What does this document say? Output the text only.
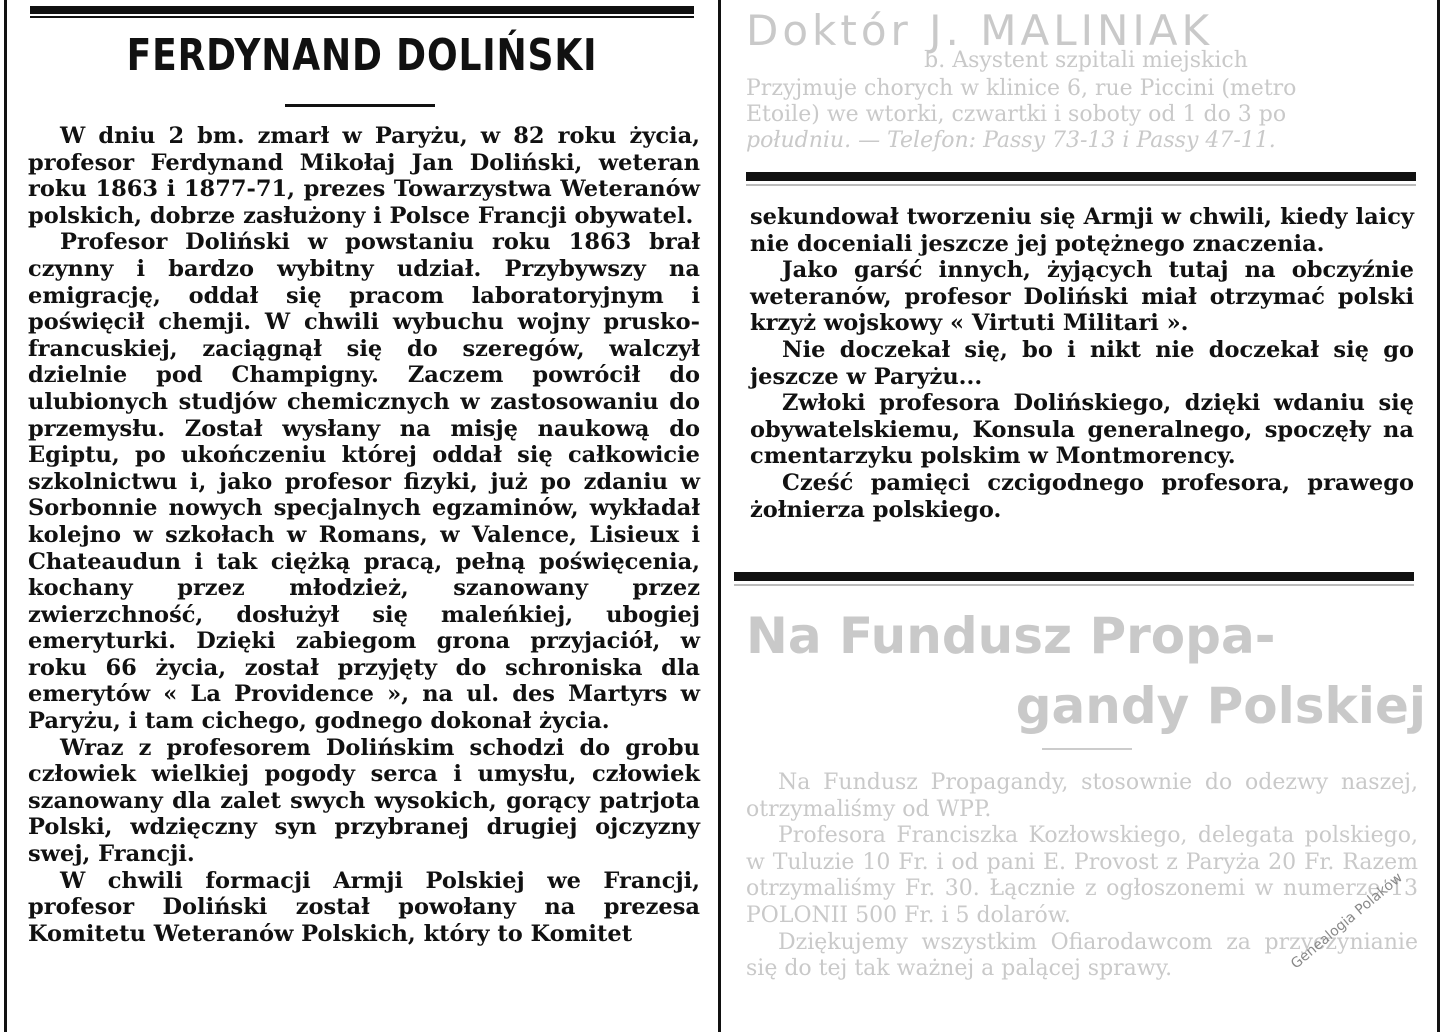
FERDYNAND DOLIŃSKI

W dniu 2 bm. zmarł w Paryżu, w 82 roku życia, profesor Ferdynand Mikołaj Jan Doliński, weteran roku 1863 i 1877-71, prezes Towarzystwa Weteranów polskich, dobrze zasłużony i Polsce Francji obywatel.

Profesor Doliński w powstaniu roku 1863 brał czynny i bardzo wybitny udział. Przybywszy na emigrację, oddał się pracom laboratoryjnym i poświęcił chemji. W chwili wybuchu wojny prusko-francuskiej, zaciągnął się do szeregów, walczył dzielnie pod Champigny. Zaczem powrócił do ulubionych studjów chemicznych w zastosowaniu do przemysłu. Został wysłany na misję naukową do Egiptu, po ukończeniu której oddał się całkowicie szkolnictwu i, jako profesor fizyki, już po zdaniu w Sorbonnie nowych specjalnych egzaminów, wykładał kolejno w szkołach w Romans, w Valence, Lisieux i Chateaudun i tak ciężką pracą, pełną poświęcenia, kochany przez młodzież, szanowany przez zwierzchność, dosłużył się maleńkiej, ubogiej emeryturki. Dzięki zabiegom grona przyjaciół, w roku 66 życia, został przyjęty do schroniska dla emerytów « La Providence », na ul. des Martyrs w Paryżu, i tam cichego, godnego dokonał życia.

Wraz z profesorem Dolińskim schodzi do grobu człowiek wielkiej pogody serca i umysłu, człowiek szanowany dla zalet swych wysokich, gorący patrjota Polski, wdzięczny syn przybranej drugiej ojczyzny swej, Francji.

W chwili formacji Armji Polskiej we Francji, profesor Doliński został powołany na prezesa Komitetu Weteranów Polskich, który to Komitet

Doktór J. MALINIAK
b. Asystent szpitali miejskich
Przyjmuje chorych w klinice 6, rue Piccini (metro
Etoile) we wtorki, czwartki i soboty od 1 do 3 po
południu. — Telefon: Passy 73-13 i Passy 47-11.

sekundował tworzeniu się Armji w chwili, kiedy laicy nie doceniali jeszcze jej potężnego znaczenia.

Jako garść innych, żyjących tutaj na obczyźnie weteranów, profesor Doliński miał otrzymać polski krzyż wojskowy « Virtuti Militari ».

Nie doczekał się, bo i nikt nie doczekał się go jeszcze w Paryżu...

Zwłoki profesora Dolińskiego, dzięki wdaniu się obywatelskiemu, Konsula generalnego, spoczęły na cmentarzyku polskim w Montmorency.

Cześć pamięci czcigodnego profesora, prawego żołnierza polskiego.

Na Fundusz Propa-
gandy Polskiej

Na Fundusz Propagandy, stosownie do odezwy naszej, otrzymaliśmy od WPP.

Profesora Franciszka Kozłowskiego, delegata polskiego, w Tuluzie 10 Fr. i od pani E. Provost z Paryża 20 Fr. Razem otrzymaliśmy Fr. 30. Łącznie z ogłoszonemi w numerze 13 POLONII 500 Fr. i 5 dolarów.

Dziękujemy wszystkim Ofiarodawcom za przyczynianie się do tej tak ważnej a palącej sprawy.	Genealogia Polaków
